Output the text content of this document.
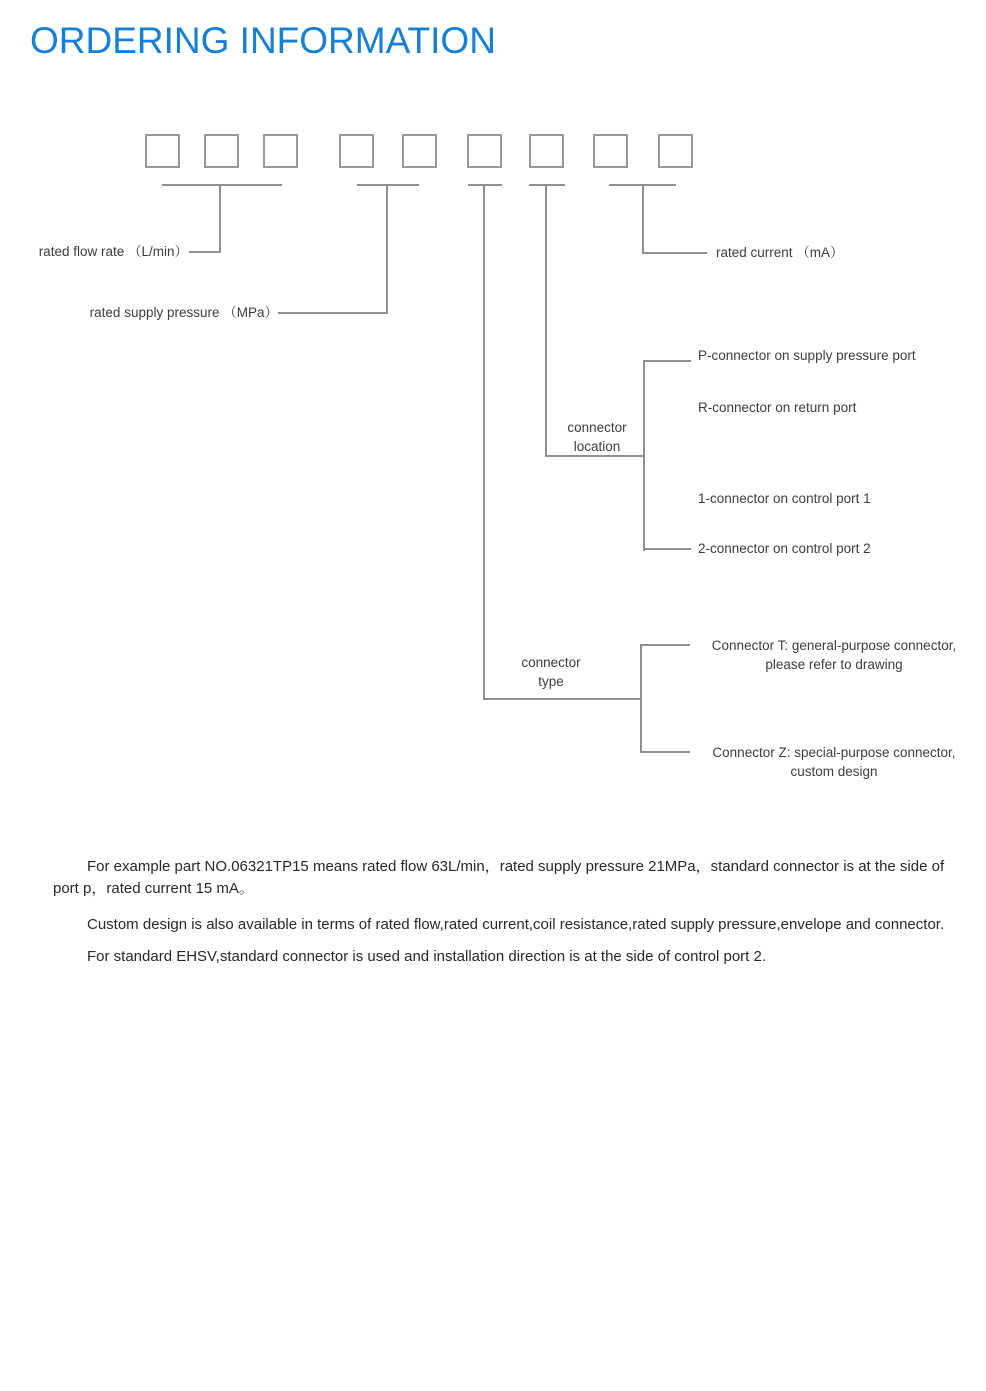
ORDERING INFORMATION
rated flow rate （L/min）
rated supply pressure （MPa）
rated current （mA）
connector
location
P-connector on supply pressure port
R-connector on return port
1-connector on control port 1
2-connector on control port 2
connector
type
Connector T: general-purpose connector,
please refer to drawing
Connector Z: special-purpose connector,
custom design

For example part NO.06321TP15 means rated flow 63L/min，rated supply pressure 21MPa，standard connector is at the side of port p，rated current 15 mA。

Custom design is also available in terms of rated flow,rated current,coil resistance,rated supply pressure,envelope and connector.

For standard EHSV,standard connector is used and installation direction is at the side of control port 2.
